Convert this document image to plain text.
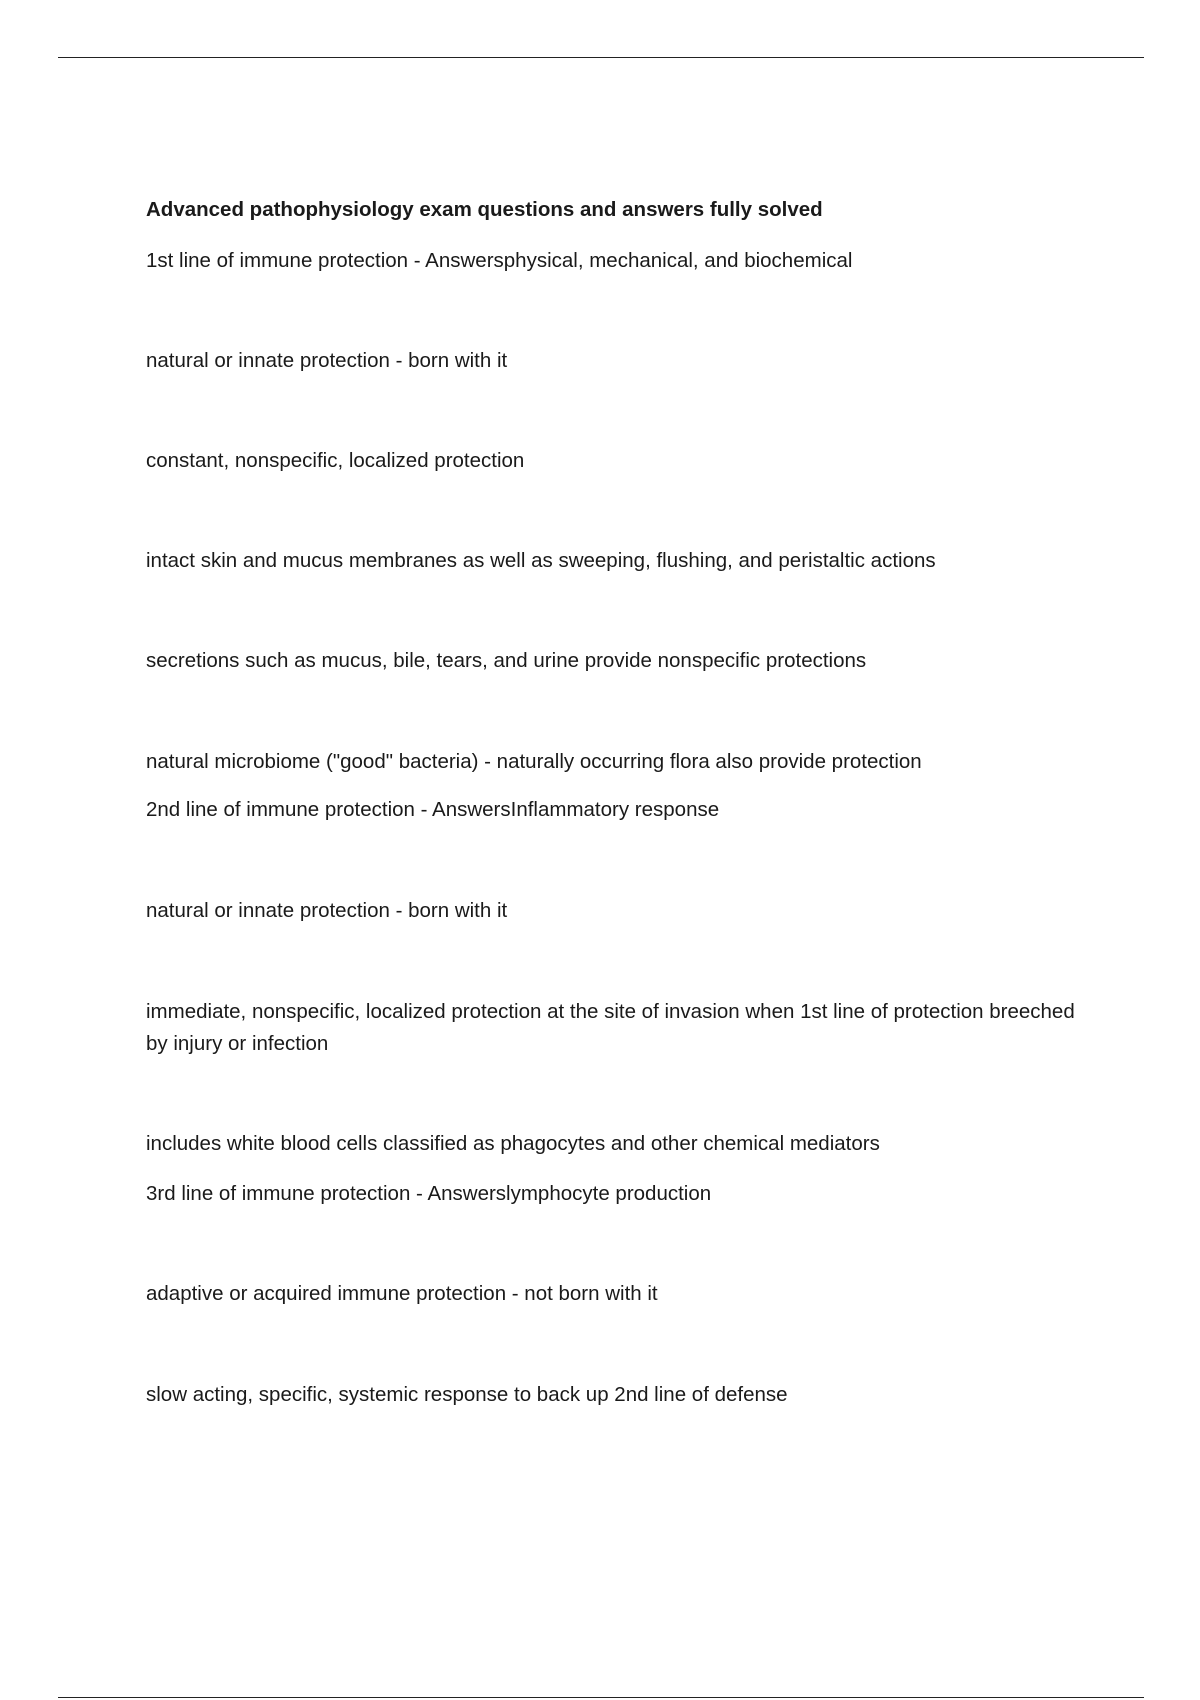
Advanced pathophysiology exam questions and answers fully solved

1st line of immune protection - Answersphysical, mechanical, and biochemical

natural or innate protection - born with it

constant, nonspecific, localized protection

intact skin and mucus membranes as well as sweeping, flushing, and peristaltic actions

secretions such as mucus, bile, tears, and urine provide nonspecific protections

natural microbiome ("good" bacteria) - naturally occurring flora also provide protection

2nd line of immune protection - AnswersInflammatory response

natural or innate protection - born with it

immediate, nonspecific, localized protection at the site of invasion when 1st line of protection breeched by injury or infection

includes white blood cells classified as phagocytes and other chemical mediators

3rd line of immune protection - Answerslymphocyte production

adaptive or acquired immune protection - not born with it

slow acting, specific, systemic response to back up 2nd line of defense
